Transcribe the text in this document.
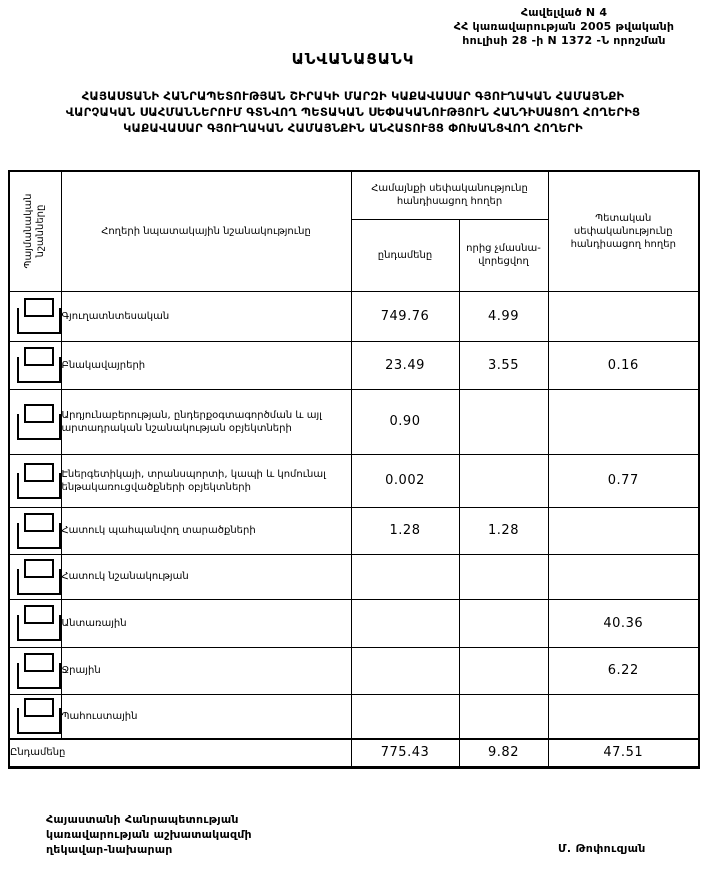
Հավելված N 4
ՀՀ կառավարության 2005 թվականի
հուլիսի 28 -ի N 1372 -Ն որոշման
ԱՆՎԱՆԱՑԱՆԿ
ՀԱՅԱՍՏԱՆԻ ՀԱՆՐԱՊԵՏՈՒԹՅԱՆ ՇԻՐԱԿԻ ՄԱՐԶԻ ԿԱՔԱՎԱՍԱՐ ԳՅՈՒՂԱԿԱՆ ՀԱՄԱՅՆՔԻ
ՎԱՐՉԱԿԱՆ ՍԱՀՄԱՆՆԵՐՈՒՄ ԳՏՆՎՈՂ ՊԵՏԱԿԱՆ ՍԵՓԱԿԱՆՈՒԹՅՈՒՆ ՀԱՆԴԻՍԱՑՈՂ ՀՈՂԵՐԻՑ
ԿԱՔԱՎԱՍԱՐ ԳՅՈՒՂԱԿԱՆ ՀԱՄԱՅՆՔԻՆ ԱՆՀԱՏՈՒՅՑ ՓՈԽԱՆՑՎՈՂ ՀՈՂԵՐԻ
Պայմանական նշանները	Հողերի նպատակային նշանակությունը	Համայնքի սեփականությունը հանդիսացող հողեր		Պետական սեփականությունը հանդիսացող հողեր
		ընդամենը	որից չմասնա- վորեցվող	

	Գյուղատնտեսական	749.76	4.99	

	Բնակավայրերի	23.49	3.55	0.16

	Արդյունաբերության, ընդերքօգտագործման և այլ արտադրական նշանակության օբյեկտների	0.90		

	Էներգետիկայի, տրանսպորտի, կապի և կոմունալ ենթակառուցվածքների օբյեկտների	0.002		0.77

	Հատուկ պահպանվող տարածքների	1.28	1.28	

	Հատուկ նշանակության			

	Անտառային			40.36

	Ջրային			6.22

	Պահուստային			
Ընդամենը		775.43	9.82	47.51
Հայաստանի Հանրապետության
կառավարության աշխատակազմի
ղեկավար-նախարար	Մ. Թոփուզյան
